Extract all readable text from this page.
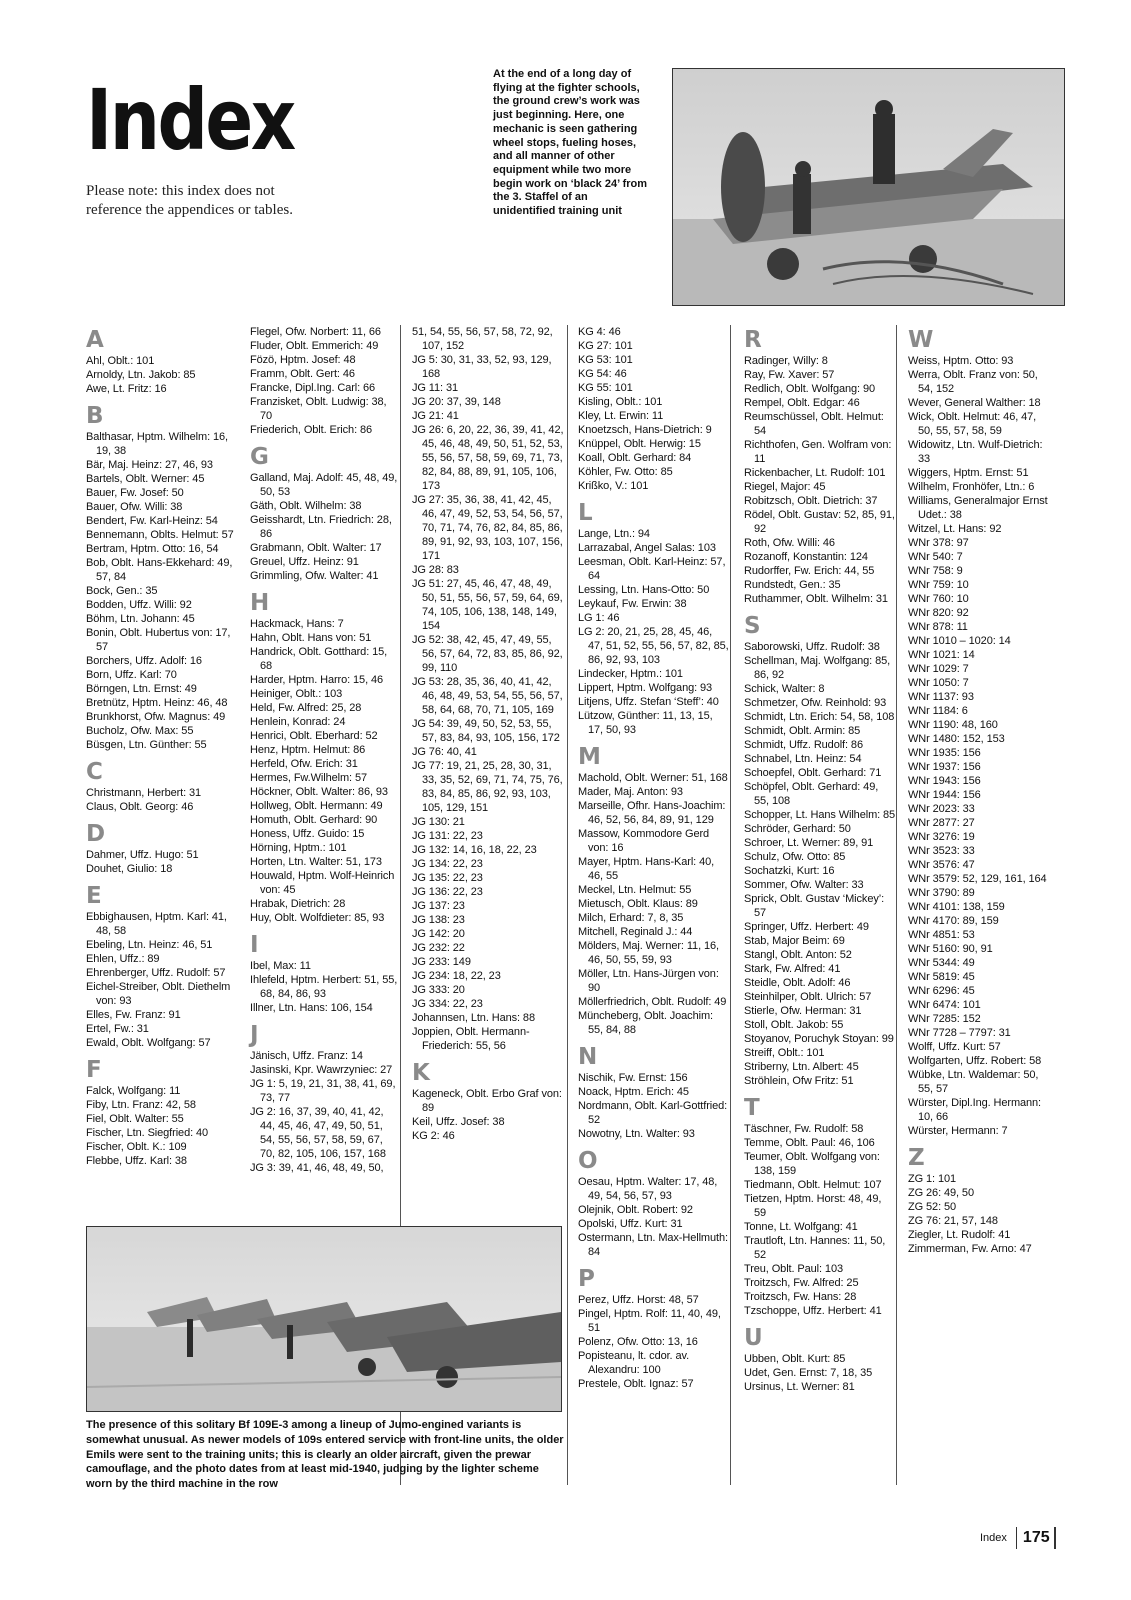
Index
Please note: this index does not reference the appendices or tables.
At the end of a long day of flying at the fighter schools, the ground crew’s work was just beginning. Here, one mechanic is seen gathering wheel stops, fueling hoses, and all manner of other equipment while two more begin work on ‘black 24’ from the 3. Staffel of an unidentified training unit
A
Ahl, Oblt.: 101
Arnoldy, Ltn. Jakob: 85
Awe, Lt. Fritz: 16
B
Balthasar, Hptm. Wilhelm: 16, 19, 38
Bär, Maj. Heinz: 27, 46, 93
Bartels, Oblt. Werner: 45
Bauer, Fw. Josef: 50
Bauer, Ofw. Willi: 38
Bendert, Fw. Karl-Heinz: 54
Bennemann, Oblts. Helmut: 57
Bertram, Hptm. Otto: 16, 54
Bob, Oblt. Hans-Ekkehard: 49, 57, 84
Bock, Gen.: 35
Bodden, Uffz. Willi: 92
Böhm, Ltn. Johann: 45
Bonin, Oblt. Hubertus von: 17, 57
Borchers, Uffz. Adolf: 16
Born, Uffz. Karl: 70
Börngen, Ltn. Ernst: 49
Bretnütz, Hptm. Heinz: 46, 48
Brunkhorst, Ofw. Magnus: 49
Bucholz, Ofw. Max: 55
Büsgen, Ltn. Günther: 55
C
Christmann, Herbert: 31
Claus, Oblt. Georg: 46
D
Dahmer, Uffz. Hugo: 51
Douhet, Giulio: 18
E
Ebbighausen, Hptm. Karl: 41, 48, 58
Ebeling, Ltn. Heinz: 46, 51
Ehlen, Uffz.: 89
Ehrenberger, Uffz. Rudolf: 57
Eichel-Streiber, Oblt. Diethelm von: 93
Elles, Fw. Franz: 91
Ertel, Fw.: 31
Ewald, Oblt. Wolfgang: 57
F
Falck, Wolfgang: 11
Fiby, Ltn. Franz: 42, 58
Fiel, Oblt. Walter: 55
Fischer, Ltn. Siegfried: 40
Fischer, Oblt. K.: 109
Flebbe, Uffz. Karl: 38
Flegel, Ofw. Norbert: 11, 66
Fluder, Oblt. Emmerich: 49
Fözö, Hptm. Josef: 48
Framm, Oblt. Gert: 46
Francke, Dipl.Ing. Carl: 66
Franzisket, Oblt. Ludwig: 38, 70
Friederich, Oblt. Erich: 86
G
Galland, Maj. Adolf: 45, 48, 49, 50, 53
Gäth, Oblt. Wilhelm: 38
Geisshardt, Ltn. Friedrich: 28, 86
Grabmann, Oblt. Walter: 17
Greuel, Uffz. Heinz: 91
Grimmling, Ofw. Walter: 41
H
Hackmack, Hans: 7
Hahn, Oblt. Hans von: 51
Handrick, Oblt. Gotthard: 15, 68
Harder, Hptm. Harro: 15, 46
Heiniger, Oblt.: 103
Held, Fw. Alfred: 25, 28
Henlein, Konrad: 24
Henrici, Oblt. Eberhard: 52
Henz, Hptm. Helmut: 86
Herfeld, Ofw. Erich: 31
Hermes, Fw.Wilhelm: 57
Höckner, Oblt. Walter: 86, 93
Hollweg, Oblt. Hermann: 49
Homuth, Oblt. Gerhard: 90
Honess, Uffz. Guido: 15
Hörning, Hptm.: 101
Horten, Ltn. Walter: 51, 173
Houwald, Hptm. Wolf-Heinrich von: 45
Hrabak, Dietrich: 28
Huy, Oblt. Wolfdieter: 85, 93
I
Ibel, Max: 11
Ihlefeld, Hptm. Herbert: 51, 55, 68, 84, 86, 93
Illner, Ltn. Hans: 106, 154
J
Jänisch, Uffz. Franz: 14
Jasinski, Kpr. Wawrzyniec: 27
JG 1: 5, 19, 21, 31, 38, 41, 69, 73, 77
JG 2: 16, 37, 39, 40, 41, 42, 44, 45, 46, 47, 49, 50, 51, 54, 55, 56, 57, 58, 59, 67, 70, 82, 105, 106, 157, 168
JG 3: 39, 41, 46, 48, 49, 50,
51, 54, 55, 56, 57, 58, 72, 92, 107, 152
JG 5: 30, 31, 33, 52, 93, 129, 168
JG 11: 31
JG 20: 37, 39, 148
JG 21: 41
JG 26: 6, 20, 22, 36, 39, 41, 42, 45, 46, 48, 49, 50, 51, 52, 53, 55, 56, 57, 58, 59, 69, 71, 73, 82, 84, 88, 89, 91, 105, 106, 173
JG 27: 35, 36, 38, 41, 42, 45, 46, 47, 49, 52, 53, 54, 56, 57, 70, 71, 74, 76, 82, 84, 85, 86, 89, 91, 92, 93, 103, 107, 156, 171
JG 28: 83
JG 51: 27, 45, 46, 47, 48, 49, 50, 51, 55, 56, 57, 59, 64, 69, 74, 105, 106, 138, 148, 149, 154
JG 52: 38, 42, 45, 47, 49, 55, 56, 57, 64, 72, 83, 85, 86, 92, 99, 110
JG 53: 28, 35, 36, 40, 41, 42, 46, 48, 49, 53, 54, 55, 56, 57, 58, 64, 68, 70, 71, 105, 169
JG 54: 39, 49, 50, 52, 53, 55, 57, 83, 84, 93, 105, 156, 172
JG 76: 40, 41
JG 77: 19, 21, 25, 28, 30, 31, 33, 35, 52, 69, 71, 74, 75, 76, 83, 84, 85, 86, 92, 93, 103, 105, 129, 151
JG 130: 21
JG 131: 22, 23
JG 132: 14, 16, 18, 22, 23
JG 134: 22, 23
JG 135: 22, 23
JG 136: 22, 23
JG 137: 23
JG 138: 23
JG 142: 20
JG 232: 22
JG 233: 149
JG 234: 18, 22, 23
JG 333: 20
JG 334: 22, 23
Johannsen, Ltn. Hans: 88
Joppien, Oblt. Hermann-Friederich: 55, 56
K
Kageneck, Oblt. Erbo Graf von: 89
Keil, Uffz. Josef: 38
KG 2: 46
KG 4: 46
KG 27: 101
KG 53: 101
KG 54: 46
KG 55: 101
Kisling, Oblt.: 101
Kley, Lt. Erwin: 11
Knoetzsch, Hans-Dietrich: 9
Knüppel, Oblt. Herwig: 15
Koall, Oblt. Gerhard: 84
Köhler, Fw. Otto: 85
Krißko, V.: 101
L
Lange, Ltn.: 94
Larrazabal, Angel Salas: 103
Leesman, Oblt. Karl-Heinz: 57, 64
Lessing, Ltn. Hans-Otto: 50
Leykauf, Fw. Erwin: 38
LG 1: 46
LG 2: 20, 21, 25, 28, 45, 46, 47, 51, 52, 55, 56, 57, 82, 85, 86, 92, 93, 103
Lindecker, Hptm.: 101
Lippert, Hptm. Wolfgang: 93
Litjens, Uffz. Stefan ‘Steff’: 40
Lützow, Günther: 11, 13, 15, 17, 50, 93
M
Machold, Oblt. Werner: 51, 168
Mader, Maj. Anton: 93
Marseille, Ofhr. Hans-Joachim: 46, 52, 56, 84, 89, 91, 129
Massow, Kommodore Gerd von: 16
Mayer, Hptm. Hans-Karl: 40, 46, 55
Meckel, Ltn. Helmut: 55
Mietusch, Oblt. Klaus: 89
Milch, Erhard: 7, 8, 35
Mitchell, Reginald J.: 44
Mölders, Maj. Werner: 11, 16, 46, 50, 55, 59, 93
Möller, Ltn. Hans-Jürgen von: 90
Möllerfriedrich, Oblt. Rudolf: 49
Müncheberg, Oblt. Joachim: 55, 84, 88
N
Nischik, Fw. Ernst: 156
Noack, Hptm. Erich: 45
Nordmann, Oblt. Karl-Gottfried: 52
Nowotny, Ltn. Walter: 93
O
Oesau, Hptm. Walter: 17, 48, 49, 54, 56, 57, 93
Olejnik, Oblt. Robert: 92
Opolski, Uffz. Kurt: 31
Ostermann, Ltn. Max-Hellmuth: 84
P
Perez, Uffz. Horst: 48, 57
Pingel, Hptm. Rolf: 11, 40, 49, 51
Polenz, Ofw. Otto: 13, 16
Popisteanu, lt. cdor. av. Alexandru: 100
Prestele, Oblt. Ignaz: 57
R
Radinger, Willy: 8
Ray, Fw. Xaver: 57
Redlich, Oblt. Wolfgang: 90
Rempel, Oblt. Edgar: 46
Reumschüssel, Oblt. Helmut: 54
Richthofen, Gen. Wolfram von: 11
Rickenbacher, Lt. Rudolf: 101
Riegel, Major: 45
Robitzsch, Oblt. Dietrich: 37
Rödel, Oblt. Gustav: 52, 85, 91, 92
Roth, Ofw. Willi: 46
Rozanoff, Konstantin: 124
Rudorffer, Fw. Erich: 44, 55
Rundstedt, Gen.: 35
Ruthammer, Oblt. Wilhelm: 31
S
Saborowski, Uffz. Rudolf: 38
Schellman, Maj. Wolfgang: 85, 86, 92
Schick, Walter: 8
Schmetzer, Ofw. Reinhold: 93
Schmidt, Ltn. Erich: 54, 58, 108
Schmidt, Oblt. Armin: 85
Schmidt, Uffz. Rudolf: 86
Schnabel, Ltn. Heinz: 54
Schoepfel, Oblt. Gerhard: 71
Schöpfel, Oblt. Gerhard: 49, 55, 108
Schopper, Lt. Hans Wilhelm: 85
Schröder, Gerhard: 50
Schroer, Lt. Werner: 89, 91
Schulz, Ofw. Otto: 85
Sochatzki, Kurt: 16
Sommer, Ofw. Walter: 33
Sprick, Oblt. Gustav ‘Mickey’: 57
Springer, Uffz. Herbert: 49
Stab, Major Beim: 69
Stangl, Oblt. Anton: 52
Stark, Fw. Alfred: 41
Steidle, Oblt. Adolf: 46
Steinhilper, Oblt. Ulrich: 57
Stierle, Ofw. Herman: 31
Stoll, Oblt. Jakob: 55
Stoyanov, Poruchyk Stoyan: 99
Streiff, Oblt.: 101
Striberny, Ltn. Albert: 45
Ströhlein, Ofw Fritz: 51
T
Täschner, Fw. Rudolf: 58
Temme, Oblt. Paul: 46, 106
Teumer, Oblt. Wolfgang von: 138, 159
Tiedmann, Oblt. Helmut: 107
Tietzen, Hptm. Horst: 48, 49, 59
Tonne, Lt. Wolfgang: 41
Trautloft, Ltn. Hannes: 11, 50, 52
Treu, Oblt. Paul: 103
Troitzsch, Fw. Alfred: 25
Troitzsch, Fw. Hans: 28
Tzschoppe, Uffz. Herbert: 41
U
Ubben, Oblt. Kurt: 85
Udet, Gen. Ernst: 7, 18, 35
Ursinus, Lt. Werner: 81
W
Weiss, Hptm. Otto: 93
Werra, Oblt. Franz von: 50, 54, 152
Wever, General Walther: 18
Wick, Oblt. Helmut: 46, 47, 50, 55, 57, 58, 59
Widowitz, Ltn. Wulf-Dietrich: 33
Wiggers, Hptm. Ernst: 51
Wilhelm, Fronhöfer, Ltn.: 6
Williams, Generalmajor Ernst Udet.: 38
Witzel, Lt. Hans: 92
WNr 378: 97
WNr 540: 7
WNr 758: 9
WNr 759: 10
WNr 760: 10
WNr 820: 92
WNr 878: 11
WNr 1010 – 1020: 14
WNr 1021: 14
WNr 1029: 7
WNr 1050: 7
WNr 1137: 93
WNr 1184: 6
WNr 1190: 48, 160
WNr 1480: 152, 153
WNr 1935: 156
WNr 1937: 156
WNr 1943: 156
WNr 1944: 156
WNr 2023: 33
WNr 2877: 27
WNr 3276: 19
WNr 3523: 33
WNr 3576: 47
WNr 3579: 52, 129, 161, 164
WNr 3790: 89
WNr 4101: 138, 159
WNr 4170: 89, 159
WNr 4851: 53
WNr 5160: 90, 91
WNr 5344: 49
WNr 5819: 45
WNr 6296: 45
WNr 6474: 101
WNr 7285: 152
WNr 7728 – 7797: 31
Wolff, Uffz. Kurt: 57
Wolfgarten, Uffz. Robert: 58
Wübke, Ltn. Waldemar: 50, 55, 57
Würster, Dipl.Ing. Hermann: 10, 66
Würster, Hermann: 7
Z
ZG 1: 101
ZG 26: 49, 50
ZG 52: 50
ZG 76: 21, 57, 148
Ziegler, Lt. Rudolf: 41
Zimmerman, Fw. Arno: 47
The presence of this solitary Bf 109E-3 among a lineup of Jumo-engined variants is somewhat unusual. As newer models of 109s entered service with front-line units, the older Emils were sent to the training units; this is clearly an older aircraft, given the prewar camouflage, and the photo dates from at least mid-1940, judging by the lighter scheme worn by the third machine in the row
Index	175
